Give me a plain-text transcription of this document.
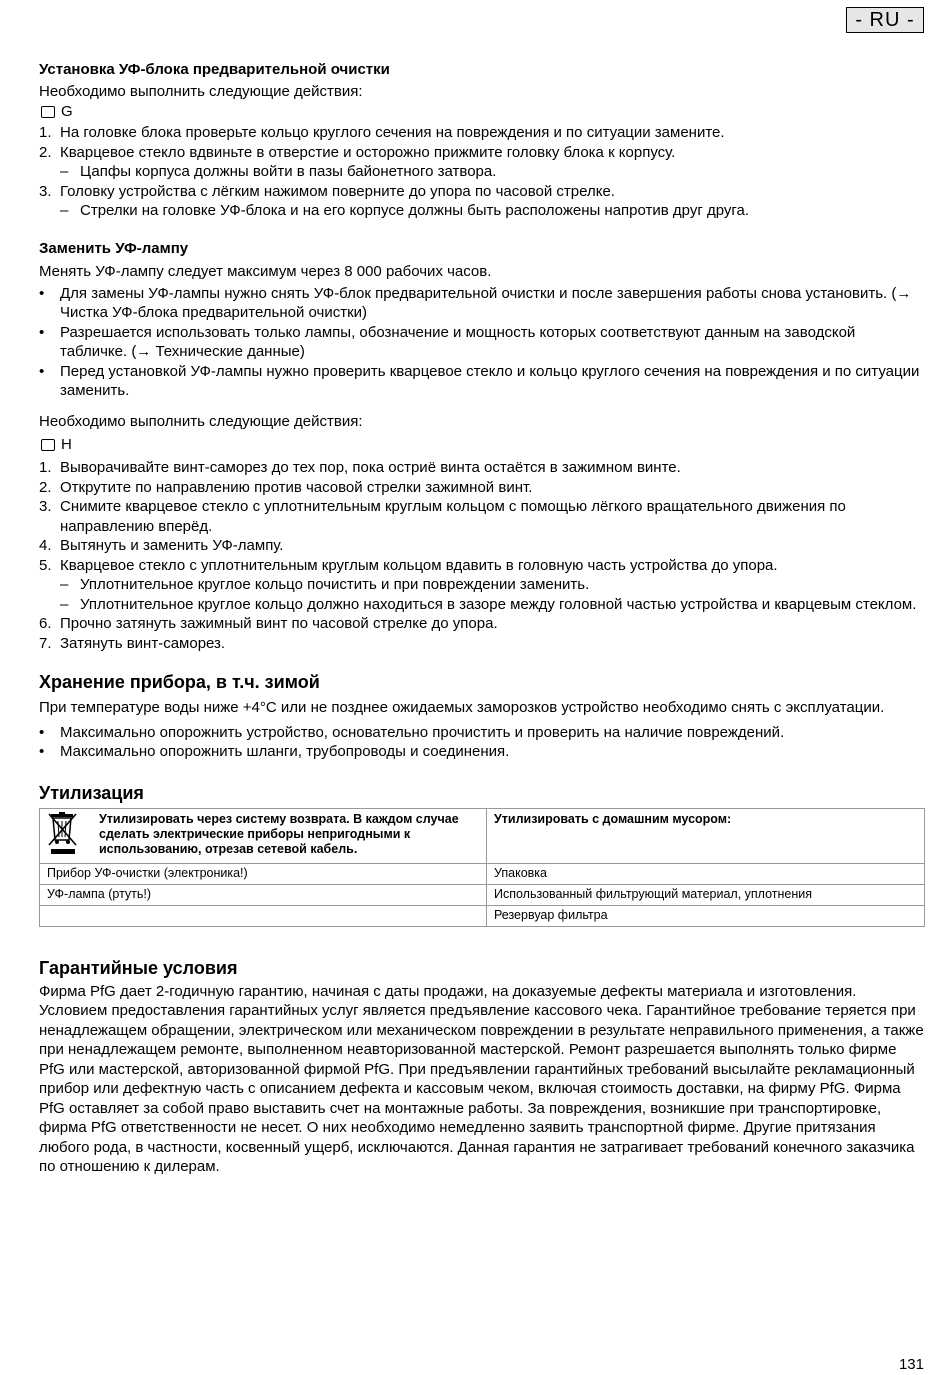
- RU -
Установка УФ-блока предварительной очистки

Необходимо выполнить следующие действия:

G
1. На головке блока проверьте кольцо круглого сечения на повреждения и по ситуации замените.
2. Кварцевое стекло вдвиньте в отверстие и осторожно прижмите головку блока к корпусу.
– Цапфы корпуса должны войти в пазы байонетного затвора.
3. Головку устройства с лёгким нажимом поверните до упора по часовой стрелке.
– Стрелки на головке УФ-блока и на его корпусе должны быть расположены напротив друг друга.
Заменить УФ-лампу

Менять УФ-лампу следует максимум через 8 000 рабочих часов.

•	Для замены УФ-лампы нужно снять УФ-блок предварительной очистки и после завершения работы снова установить. (→ Чистка УФ-блока предварительной очистки)
•	Разрешается использовать только лампы, обозначение и мощность которых соответствуют данным на заводской табличке. (→ Технические данные)
•	Перед установкой УФ-лампы нужно проверить кварцевое стекло и кольцо круглого сечения на повреждения и по ситуации заменить.

Необходимо выполнить следующие действия:

H
1. Выворачивайте винт-саморез до тех пор, пока остриё винта остаётся в зажимном винте.
2. Открутите по направлению против часовой стрелки зажимной винт.
3. Снимите кварцевое стекло с уплотнительным круглым кольцом с помощью лёгкого вращательного движения по направлению вперёд.
4. Вытянуть и заменить УФ-лампу.
5. Кварцевое стекло с уплотнительным круглым кольцом вдавить в головную часть устройства до упора.
– Уплотнительное круглое кольцо почистить и при повреждении заменить.
– Уплотнительное круглое кольцо должно находиться в зазоре между головной частью устройства и кварцевым стеклом.
6. Прочно затянуть зажимный винт по часовой стрелке до упора.
7. Затянуть винт-саморез.
Хранение прибора, в т.ч. зимой

При температуре воды ниже +4°C или не позднее ожидаемых заморозков устройство необходимо снять с эксплуатации.

•	Максимально опорожнить устройство, основательно прочистить и проверить на наличие повреждений.
•	Максимально опорожнить шланги, трубопроводы и соединения.
Утилизация
Утилизировать через систему возврата. В каждом случае сделать электрические приборы непригодными к использованию, отрезав сетевой кабель.	Утилизировать с домашним мусором:
Прибор УФ-очистки (электроника!)	Упаковка
УФ-лампа (ртуть!)	Использованный фильтрующий материал, уплотнения
	Резервуар фильтра
Гарантийные условия

Фирма PfG дает 2-годичную гарантию, начиная с даты продажи, на доказуемые дефекты материала и изготовления. Условием предоставления гарантийных услуг является предъявление кассового чека. Гарантийное требование теряется при ненадлежащем обращении, электрическом или механическом повреждении в результате неправильного применения, а также при ненадлежащем ремонте, выполненном неавторизованной мастерской. Ремонт разрешается выполнять только фирме PfG или мастерской, авторизованной фирмой PfG. При предъявлении гарантийных требований высылайте рекламационный прибор или дефектную часть с описанием дефекта и кассовым чеком, включая стоимость доставки, на фирму PfG. Фирма PfG оставляет за собой право выставить счет на монтажные работы. За повреждения, возникшие при транспортировке, фирма PfG ответственности не несет. О них необходимо немедленно заявить транспортной фирме. Другие притязания любого рода, в частности, косвенный ущерб, исключаются. Данная гарантия не затрагивает требований конечного заказчика по отношению к дилерам.

131
